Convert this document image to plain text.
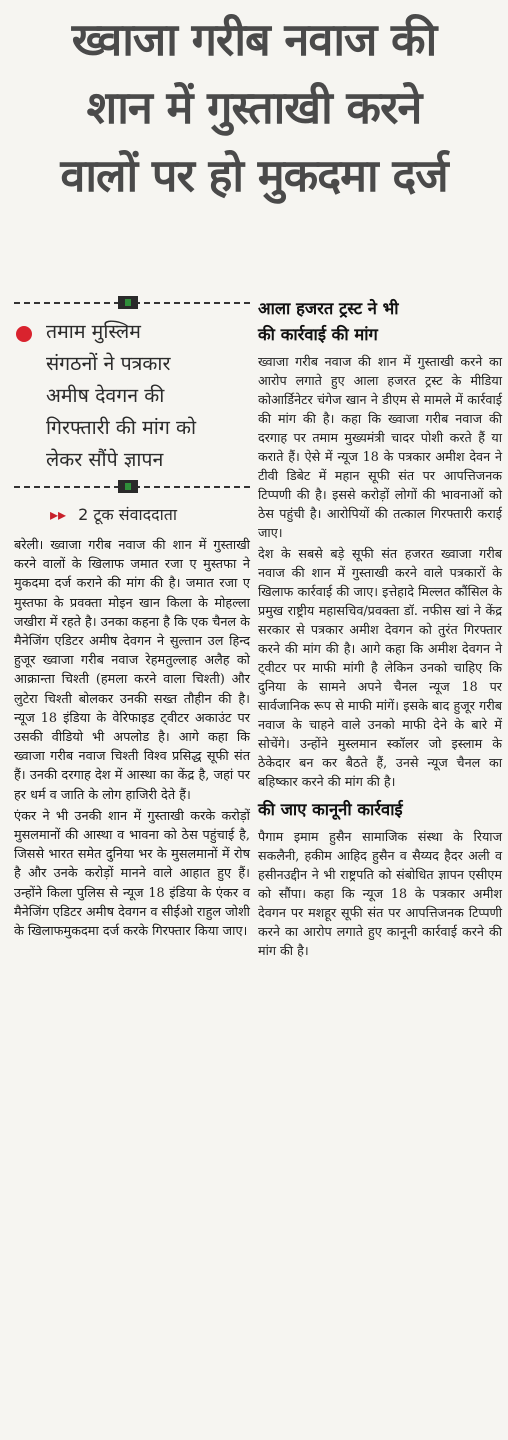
ख्वाजा गरीब नवाज की
शान में गुस्ताखी करने
वालों पर हो मुकदमा दर्ज
तमाम मुस्लिम
संगठनों ने पत्रकार
अमीष देवगन की
गिरफ्तारी की मांग को
लेकर सौंपे ज्ञापन
▸▸ 2 टूक संवाददाता

बरेली। ख्वाजा गरीब नवाज की शान में गुस्ताखी करने वालों के खिलाफ जमात रजा ए मुस्तफा ने मुकदमा दर्ज कराने की मांग की है। जमात रजा ए मुस्तफा के प्रवक्ता मोइन खान किला के मोहल्ला जखीरा में रहते है। उनका कहना है कि एक चैनल के मैनेजिंग एडिटर अमीष देवगन ने सुल्तान उल हिन्द हुजूर ख्वाजा गरीब नवाज रेहमतुल्लाह अलैह को आक्रान्ता चिश्ती (हमला करने वाला चिश्ती) और लुटेरा चिश्ती बोलकर उनकी सख्त तौहीन की है। न्यूज 18 इंडिया के वेरिफाइड ट्वीटर अकाउंट पर उसकी वीडियो भी अपलोड है। आगे कहा कि ख्वाजा गरीब नवाज चिश्ती विश्व प्रसिद्ध सूफी संत हैं। उनकी दरगाह देश में आस्था का केंद्र है, जहां पर हर धर्म व जाति के लोग हाजिरी देते हैं।

एंकर ने भी उनकी शान में गुस्ताखी करके करोड़ों मुसलमानों की आस्था व भावना को ठेस पहुंचाई है, जिससे भारत समेत दुनिया भर के मुसलमानों में रोष है और उनके करोड़ों मानने वाले आहात हुए हैं। उन्होंने किला पुलिस से न्यूज 18 इंडिया के एंकर व मैनेजिंग एडिटर अमीष देवगन व सीईओ राहुल जोशी के खिलाफमुकदमा दर्ज करके गिरफ्तार किया जाए।

आला हजरत ट्रस्ट ने भी
की कार्रवाई की मांग

ख्वाजा गरीब नवाज की शान में गुस्ताखी करने का आरोप लगाते हुए आला हजरत ट्रस्ट के मीडिया कोआर्डिनेटर चंगेज खान ने डीएम से मामले में कार्रवाई की मांग की है। कहा कि ख्वाजा गरीब नवाज की दरगाह पर तमाम मुख्यमंत्री चादर पोशी करते हैं या कराते हैं। ऐसे में न्यूज 18 के पत्रकार अमीश देवन ने टीवी डिबेट में महान सूफी संत पर आपत्तिजनक टिप्पणी की है। इससे करोड़ों लोगों की भावनाओं को ठेस पहुंची है। आरोपियों की तत्काल गिरफ्तारी कराई जाए।

देश के सबसे बड़े सूफी संत हजरत ख्वाजा गरीब नवाज की शान में गुस्ताखी करने वाले पत्रकारों के खिलाफ कार्रवाई की जाए। इत्तेहादे मिल्लत कौंसिल के प्रमुख राष्ट्रीय महासचिव/प्रवक्ता डॉ. नफीस खां ने केंद्र सरकार से पत्रकार अमीश देवगन को तुरंत गिरफ्तार करने की मांग की है। आगे कहा कि अमीश देवगन ने ट्वीटर पर माफी मांगी है लेकिन उनको चाहिए कि दुनिया के सामने अपने चैनल न्यूज 18 पर सार्वजानिक रूप से माफी मांगें। इसके बाद हुजूर गरीब नवाज के चाहने वाले उनको माफी देने के बारे में सोचेंगे। उन्होंने मुस्लमान स्कॉलर जो इस्लाम के ठेकेदार बन कर बैठते हैं, उनसे न्यूज चैनल का बहिष्कार करने की मांग की है।

की जाए कानूनी कार्रवाई

पैगाम इमाम हुसैन सामाजिक संस्था के रियाज सकलैनी, हकीम आहिद हुसैन व सैय्यद हैदर अली व हसीनउद्दीन ने भी राष्ट्रपति को संबोधित ज्ञापन एसीएम को सौंपा। कहा कि न्यूज 18 के पत्रकार अमीश देवगन पर मशहूर सूफी संत पर आपत्तिजनक टिप्पणी करने का आरोप लगाते हुए कानूनी कार्रवाई करने की मांग की है।
